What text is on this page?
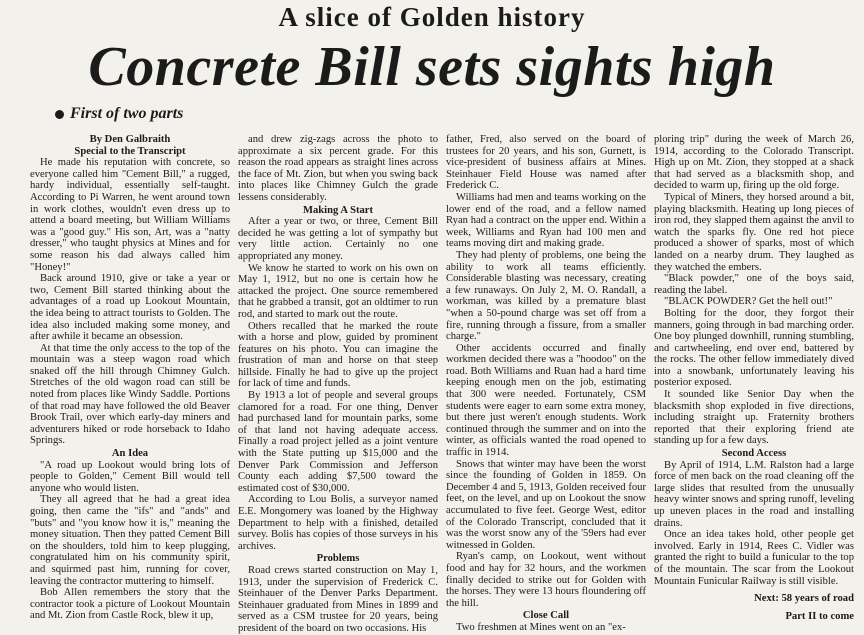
A slice of Golden history
Concrete Bill sets sights high
First of two parts

By Den Galbraith

Special to the Transcript

He made his reputation with concrete, so everyone called him "Cement Bill," a rugged, hardy individual, essentially self-taught. According to Pi Warren, he went around town in work clothes, wouldn't even dress up to attend a board meeting, but William Williams was a "good guy." His son, Art, was a "natty dresser," who taught physics at Mines and for some reason his dad always called him "Honey!"

Back around 1910, give or take a year or two, Cement Bill started thinking about the advantages of a road up Lookout Mountain, the idea being to attract tourists to Golden. The idea also included making some money, and after awhile it became an obsession.

At that time the only access to the top of the mountain was a steep wagon road which snaked off the hill through Chimney Gulch. Stretches of the old wagon road can still be noted from places like Windy Saddle. Portions of that road may have followed the old Beaver Brook Trail, over which early-day miners and adventurers hiked or rode horseback to Idaho Springs.

An Idea

"A road up Lookout would bring lots of people to Golden," Cement Bill would tell anyone who would listen.

They all agreed that he had a great idea going, then came the "ifs" and "ands" and "buts" and "you know how it is," meaning the money situation. Then they patted Cement Bill on the shoulders, told him to keep plugging, congratulated him on his community spirit, and squirmed past him, running for cover, leaving the contractor muttering to himself.

Bob Allen remembers the story that the contractor took a picture of Lookout Mountain and Mt. Zion from Castle Rock, blew it up,

and drew zig-zags across the photo to approximate a six percent grade. For this reason the road appears as straight lines across the face of Mt. Zion, but when you swing back into places like Chimney Gulch the grade lessens considerably.

Making A Start

After a year or two, or three, Cement Bill decided he was getting a lot of sympathy but very little action. Certainly no one appropriated any money.

We know he started to work on his own on May 1, 1912, but no one is certain how he attacked the project. One source remembered that he grabbed a transit, got an oldtimer to run rod, and started to mark out the route.

Others recalled that he marked the route with a horse and plow, guided by prominent features on his photo. You can imagine the frustration of man and horse on that steep hillside. Finally he had to give up the project for lack of time and funds.

By 1913 a lot of people and several groups clamored for a road. For one thing, Denver had purchased land for mountain parks, some of that land not having adequate access. Finally a road project jelled as a joint venture with the State putting up $15,000 and the Denver Park Commission and Jefferson County each adding $7,500 toward the estimated cost of $30,000.

According to Lou Bolis, a surveyor named E.E. Mongomery was loaned by the Highway Department to help with a finished, detailed survey. Bolis has copies of those surveys in his archives.

Problems

Road crews started construction on May 1, 1913, under the supervision of Frederick C. Steinhauer of the Denver Parks Department. Steinhauer graduated from Mines in 1899 and served as a CSM trustee for 20 years, being president of the board on two occasions. His

father, Fred, also served on the board of trustees for 20 years, and his son, Gurnett, is vice-president of business affairs at Mines. Steinhauer Field House was named after Frederick C.

Williams had men and teams working on the lower end of the road, and a fellow named Ryan had a contract on the upper end. Within a week, Williams and Ryan had 100 men and teams moving dirt and making grade.

They had plenty of problems, one being the ability to work all teams efficiently. Considerable blasting was necessary, creating a few runaways. On July 2, M. O. Randall, a workman, was killed by a premature blast "when a 50-pound charge was set off from a fire, running through a fissure, from a smaller charge."

Other accidents occurred and finally workmen decided there was a "hoodoo" on the road. Both Williams and Ruan had a hard time keeping enough men on the job, estimating that 300 were needed. Fortunately, CSM students were eager to earn some extra money, but there just weren't enough students. Work continued through the summer and on into the winter, as officials wanted the road opened to traffic in 1914.

Snows that winter may have been the worst since the founding of Golden in 1859. On December 4 and 5, 1913, Golden received four feet, on the level, and up on Lookout the snow accumulated to five feet. George West, editor of the Colorado Transcript, concluded that it was the worst snow any of the '59ers had ever witnessed in Golden.

Ryan's camp, on Lookout, went without food and hay for 32 hours, and the workmen finally decided to strike out for Golden with the horses. They were 13 hours floundering off the hill.

Close Call

Two freshmen at Mines went on an "ex-

ploring trip" during the week of March 26, 1914, according to the Colorado Transcript. High up on Mt. Zion, they stopped at a shack that had served as a blacksmith shop, and decided to warm up, firing up the old forge.

Typical of Miners, they horsed around a bit, playing blacksmith. Heating up long pieces of iron rod, they slapped them against the anvil to watch the sparks fly. One red hot piece produced a shower of sparks, most of which landed on a nearby drum. They laughed as they watched the embers.

"Black powder," one of the boys said, reading the label.

"BLACK POWDER? Get the hell out!"

Bolting for the door, they forgot their manners, going through in bad marching order. One boy plunged downhill, running stumbling, and cartwheeling, end over end, battered by the rocks. The other fellow immediately dived into a snowbank, unfortunately leaving his posterior exposed.

It sounded like Senior Day when the blacksmith shop exploded in five directions, including straight up. Fraternity brothers reported that their exploring friend ate standing up for a few days.

Second Access

By April of 1914, L.M. Ralston had a large force of men back on the road cleaning off the large slides that resulted from the unusually heavy winter snows and spring runoff, leveling up uneven places in the road and installing drains.

Once an idea takes hold, other people get involved. Early in 1914, Rees C. Vidler was granted the right to build a funicular to the top of the mountain. The scar from the Lookout Mountain Funicular Railway is still visible.

Next: 58 years of road

Part II to come
